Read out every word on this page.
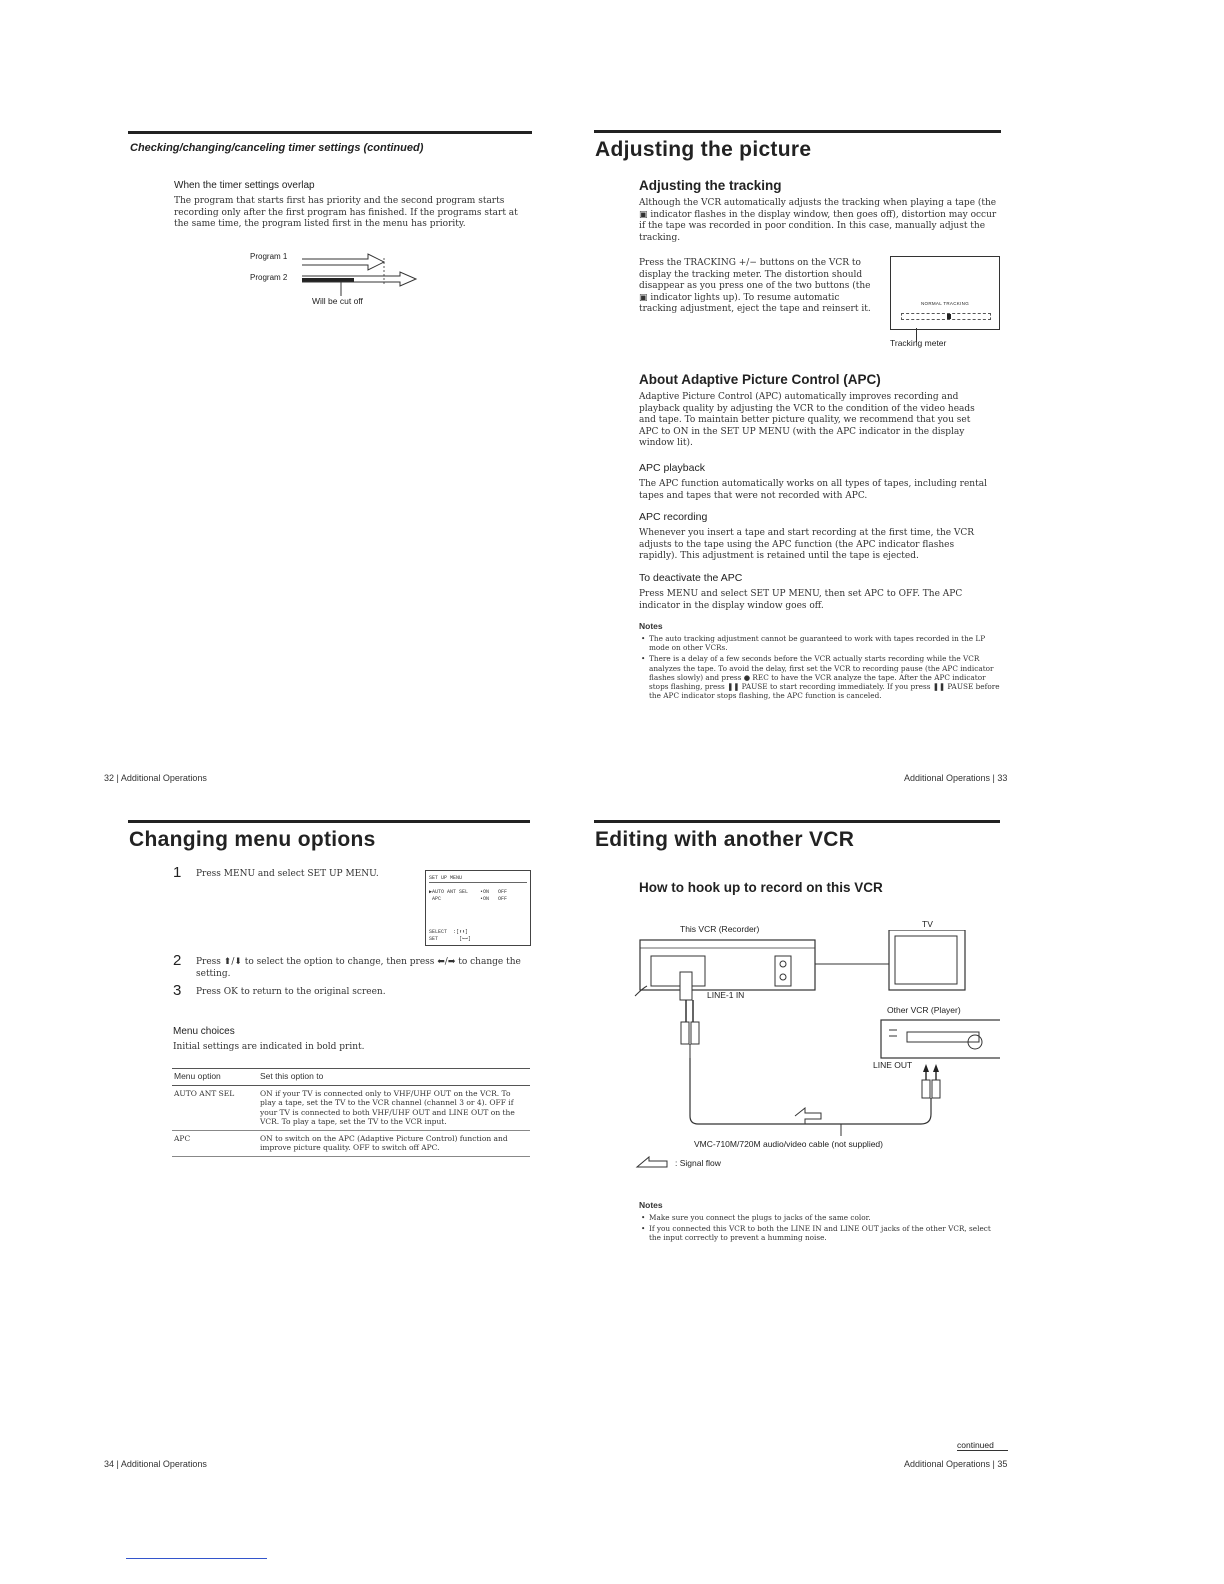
Checking/changing/canceling timer settings (continued)
When the timer settings overlap
The program that starts first has priority and the second program starts recording only after the first program has finished. If the programs start at the same time, the program listed first in the menu has priority.
Program 1
Program 2
Will be cut off
32 | Additional Operations
Adjusting the picture
Adjusting the tracking
Although the VCR automatically adjusts the tracking when playing a tape (the ▣ indicator flashes in the display window, then goes off), distortion may occur if the tape was recorded in poor condition. In this case, manually adjust the tracking.
Press the TRACKING +/− buttons on the VCR to display the tracking meter. The distortion should disappear as you press one of the two buttons (the ▣ indicator lights up). To resume automatic tracking adjustment, eject the tape and reinsert it.
NORMAL TRACKING
Tracking meter
About Adaptive Picture Control (APC)
Adaptive Picture Control (APC) automatically improves recording and playback quality by adjusting the VCR to the condition of the video heads and tape. To maintain better picture quality, we recommend that you set APC to ON in the SET UP MENU (with the APC indicator in the display window lit).
APC playback
The APC function automatically works on all types of tapes, including rental tapes and tapes that were not recorded with APC.
APC recording
Whenever you insert a tape and start recording at the first time, the VCR adjusts to the tape using the APC function (the APC indicator flashes rapidly). This adjustment is retained until the tape is ejected.
To deactivate the APC
Press MENU and select SET UP MENU, then set APC to OFF. The APC indicator in the display window goes off.
Notes
• The auto tracking adjustment cannot be guaranteed to work with tapes recorded in the LP mode on other VCRs.
• There is a delay of a few seconds before the VCR actually starts recording while the VCR analyzes the tape. To avoid the delay, first set the VCR to recording pause (the APC indicator flashes slowly) and press ● REC to have the VCR analyze the tape. After the APC indicator stops flashing, press ❚❚ PAUSE to start recording immediately. If you press ❚❚ PAUSE before the APC indicator stops flashing, the APC function is canceled.
Additional Operations | 33
Changing menu options
1 Press MENU and select SET UP MENU.	SET UP MENU
▶AUTO ANT SEL    •ON   OFF
APC             •ON   OFF
SELECT  :[⬆⬇]
SET       [⬅➡]
2 Press ⬆/⬇ to select the option to change, then press ⬅/➡ to change the setting.
3 Press OK to return to the original screen.
Menu choices
Initial settings are indicated in bold print.
Menu option	Set this option to
AUTO ANT SEL	ON if your TV is connected only to VHF/UHF OUT on the VCR. To play a tape, set the TV to the VCR channel (channel 3 or 4). OFF if your TV is connected to both VHF/UHF OUT and LINE OUT on the VCR. To play a tape, set the TV to the VCR input.
APC	ON to switch on the APC (Adaptive Picture Control) function and improve picture quality. OFF to switch off APC.
34 | Additional Operations
Editing with another VCR
How to hook up to record on this VCR
This VCR (Recorder)	TV
LINE-1 IN
Other VCR (Player)
LINE OUT
VMC-710M/720M audio/video cable (not supplied)
: Signal flow
Notes
• Make sure you connect the plugs to jacks of the same color.
• If you connected this VCR to both the LINE IN and LINE OUT jacks of the other VCR, select the input correctly to prevent a humming noise.
continued
Additional Operations | 35
